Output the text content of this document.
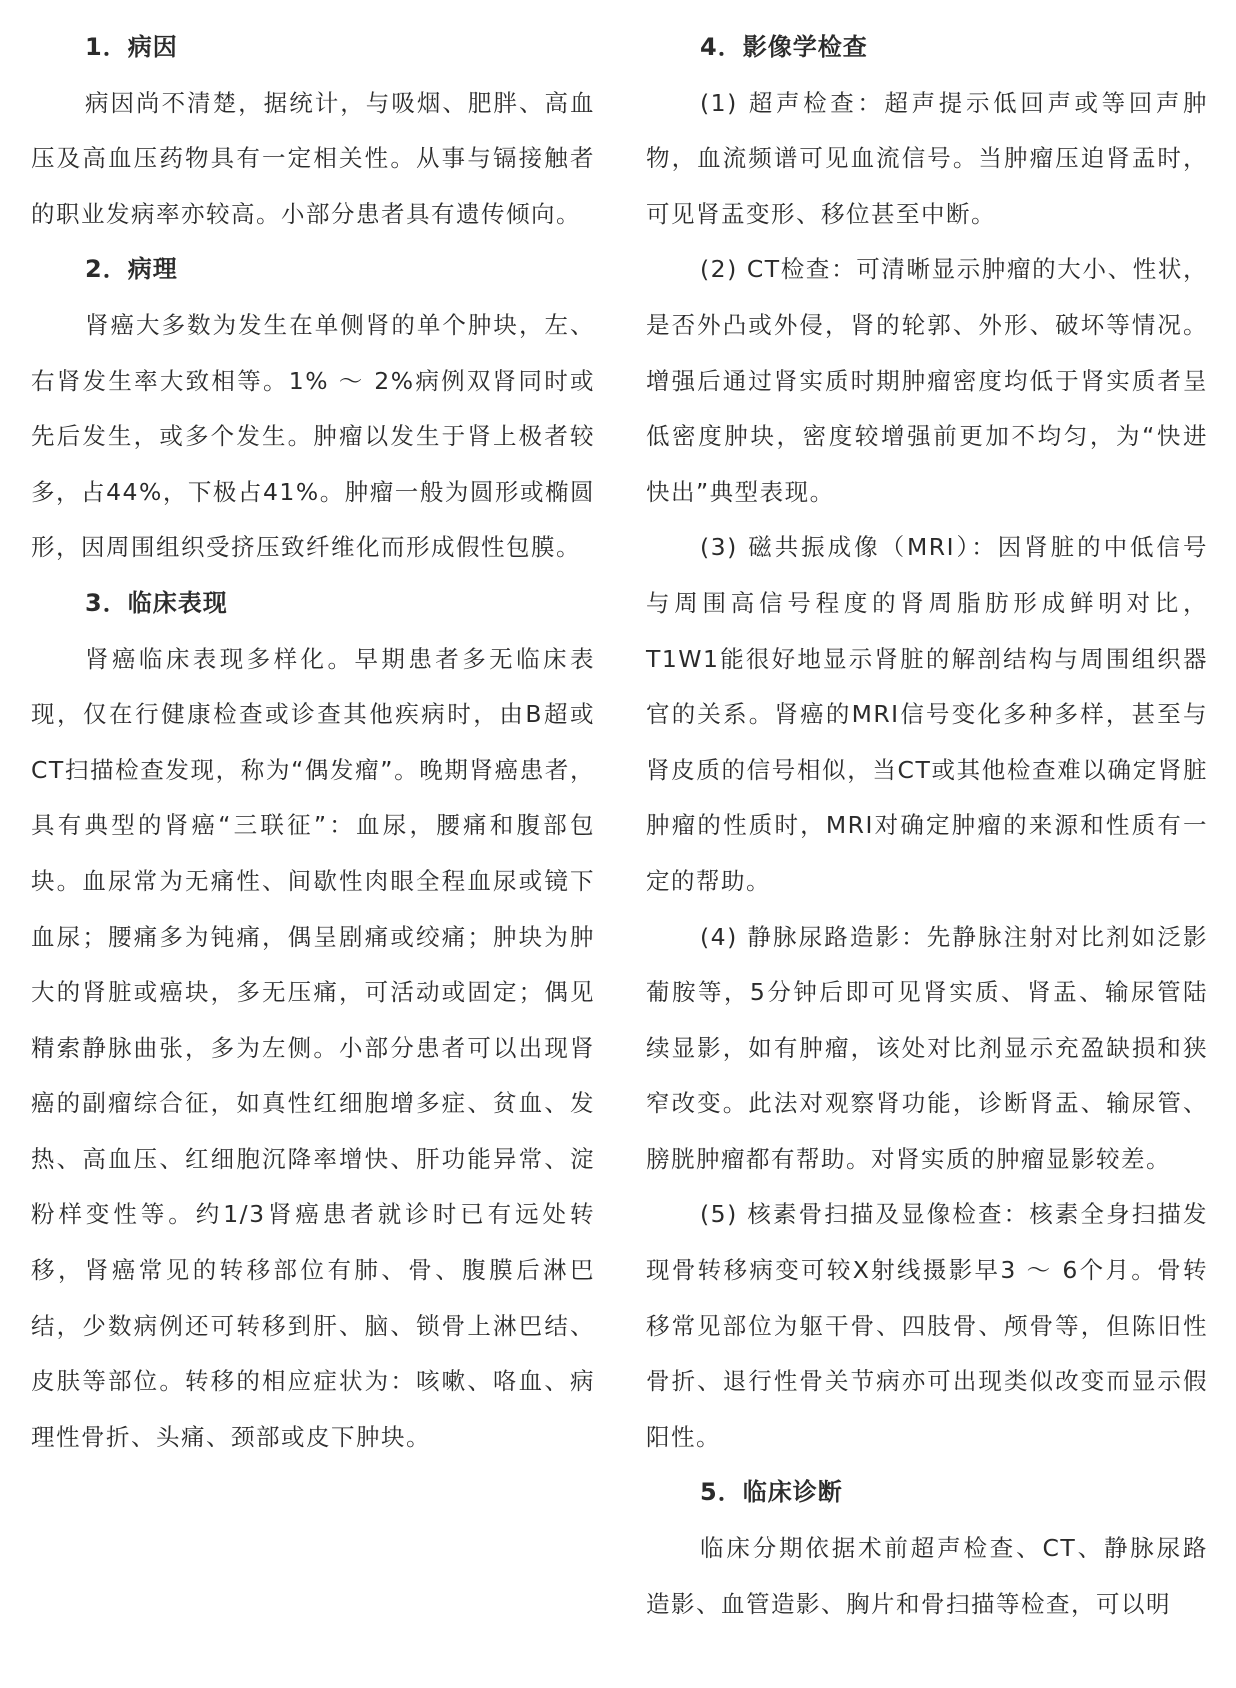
1．病因

病因尚不清楚，据统计，与吸烟、肥胖、高血压及高血压药物具有一定相关性。从事与镉接触者的职业发病率亦较高。小部分患者具有遗传倾向。

2．病理

肾癌大多数为发生在单侧肾的单个肿块，左、右肾发生率大致相等。1% ～ 2%病例双肾同时或先后发生，或多个发生。肿瘤以发生于肾上极者较多，占44%，下极占41%。肿瘤一般为圆形或椭圆形，因周围组织受挤压致纤维化而形成假性包膜。

3．临床表现

肾癌临床表现多样化。早期患者多无临床表现，仅在行健康检查或诊查其他疾病时，由B超或CT扫描检查发现，称为“偶发瘤”。晚期肾癌患者，具有典型的肾癌“三联征”：血尿，腰痛和腹部包块。血尿常为无痛性、间歇性肉眼全程血尿或镜下血尿；腰痛多为钝痛，偶呈剧痛或绞痛；肿块为肿大的肾脏或癌块，多无压痛，可活动或固定；偶见精索静脉曲张，多为左侧。小部分患者可以出现肾癌的副瘤综合征，如真性红细胞增多症、贫血、发热、高血压、红细胞沉降率增快、肝功能异常、淀粉样变性等。约1/3肾癌患者就诊时已有远处转移，肾癌常见的转移部位有肺、骨、腹膜后淋巴结，少数病例还可转移到肝、脑、锁骨上淋巴结、皮肤等部位。转移的相应症状为：咳嗽、咯血、病理性骨折、头痛、颈部或皮下肿块。

4．影像学检查

(1) 超声检查：超声提示低回声或等回声肿物，血流频谱可见血流信号。当肿瘤压迫肾盂时，可见肾盂变形、移位甚至中断。

(2) CT检查：可清晰显示肿瘤的大小、性状，是否外凸或外侵，肾的轮郭、外形、破坏等情况。增强后通过肾实质时期肿瘤密度均低于肾实质者呈低密度肿块，密度较增强前更加不均匀，为“快进快出”典型表现。

(3) 磁共振成像（MRI）：因肾脏的中低信号与周围高信号程度的肾周脂肪形成鲜明对比，T1W1能很好地显示肾脏的解剖结构与周围组织器官的关系。肾癌的MRI信号变化多种多样，甚至与肾皮质的信号相似，当CT或其他检查难以确定肾脏肿瘤的性质时，MRI对确定肿瘤的来源和性质有一定的帮助。

(4) 静脉尿路造影：先静脉注射对比剂如泛影葡胺等，5分钟后即可见肾实质、肾盂、输尿管陆续显影，如有肿瘤，该处对比剂显示充盈缺损和狭窄改变。此法对观察肾功能，诊断肾盂、输尿管、膀胱肿瘤都有帮助。对肾实质的肿瘤显影较差。

(5) 核素骨扫描及显像检查：核素全身扫描发现骨转移病变可较X射线摄影早3 ～ 6个月。骨转移常见部位为躯干骨、四肢骨、颅骨等，但陈旧性骨折、退行性骨关节病亦可出现类似改变而显示假阳性。

5．临床诊断

临床分期依据术前超声检查、CT、静脉尿路造影、血管造影、胸片和骨扫描等检查，可以明
